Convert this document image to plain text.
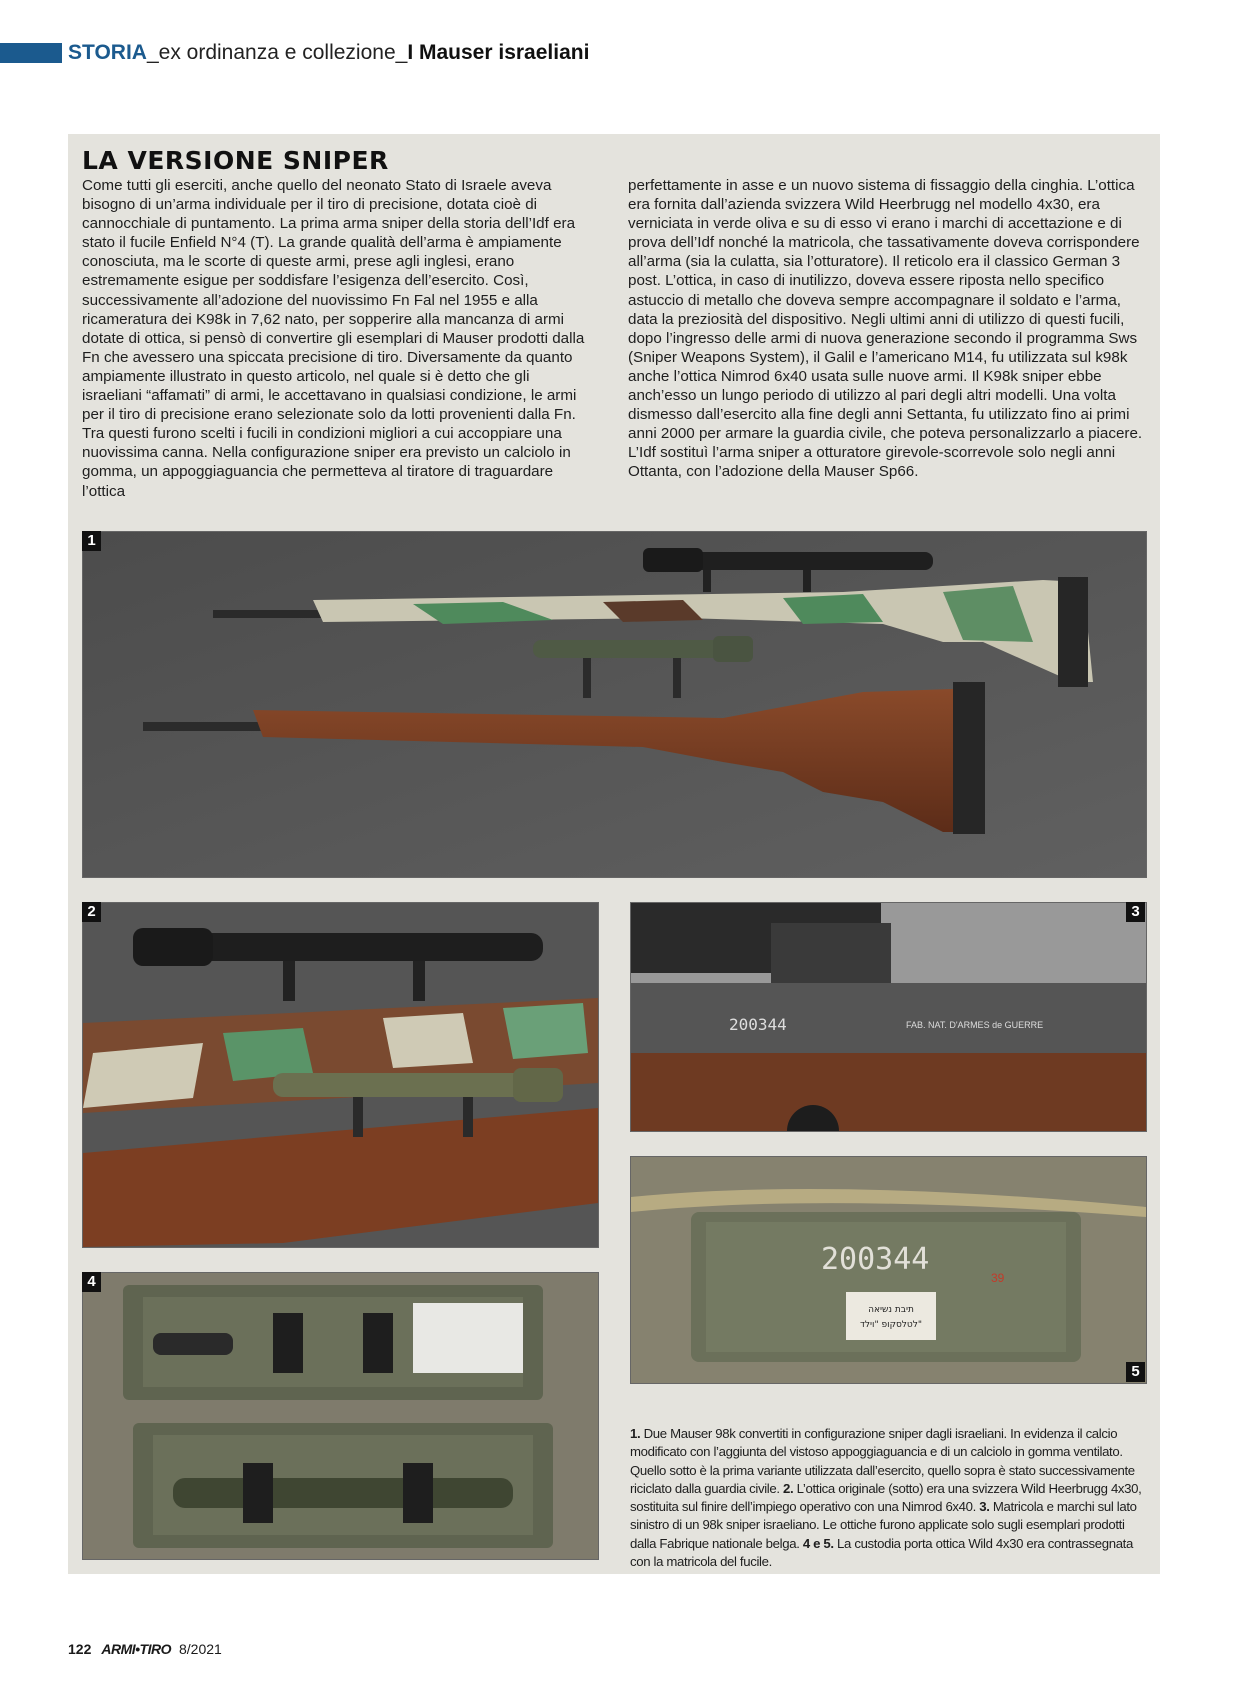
STORIA_ex ordinanza e collezione_I Mauser israeliani
LA VERSIONE SNIPER

Come tutti gli eserciti, anche quello del neonato Stato di Israele aveva bisogno di un’arma individuale per il tiro di precisione, dotata cioè di cannocchiale di puntamento. La prima arma sniper della storia dell’Idf era stato il fucile Enfield N°4 (T). La grande qualità dell’arma è ampiamente conosciuta, ma le scorte di queste armi, prese agli inglesi, erano estremamente esigue per soddisfare l’esigenza dell’esercito. Così, successivamente all’adozione del nuovissimo Fn Fal nel 1955 e alla ricameratura dei K98k in 7,62 nato, per sopperire alla mancanza di armi dotate di ottica, si pensò di convertire gli esemplari di Mauser prodotti dalla Fn che avessero una spiccata precisione di tiro. Diversamente da quanto ampiamente illustrato in questo articolo, nel quale si è detto che gli israeliani “affamati” di armi, le accettavano in qualsiasi condizione, le armi per il tiro di precisione erano selezionate solo da lotti provenienti dalla Fn. Tra questi furono scelti i fucili in condizioni migliori a cui accoppiare una nuovissima canna. Nella configurazione sniper era previsto un calciolo in gomma, un appoggiaguancia che permetteva al tiratore di traguardare l’ottica

perfettamente in asse e un nuovo sistema di fissaggio della cinghia. L’ottica era fornita dall’azienda svizzera Wild Heerbrugg nel modello 4x30, era verniciata in verde oliva e su di esso vi erano i marchi di accettazione e di prova dell’Idf nonché la matricola, che tassativamente doveva corrispondere all’arma (sia la culatta, sia l’otturatore). Il reticolo era il classico German 3 post. L’ottica, in caso di inutilizzo, doveva essere riposta nello specifico astuccio di metallo che doveva sempre accompagnare il soldato e l’arma, data la preziosità del dispositivo. Negli ultimi anni di utilizzo di questi fucili, dopo l’ingresso delle armi di nuova generazione secondo il programma Sws (Sniper Weapons System), il Galil e l’americano M14, fu utilizzata sul k98k anche l’ottica Nimrod 6x40 usata sulle nuove armi. Il K98k sniper ebbe anch’esso un lungo periodo di utilizzo al pari degli altri modelli. Una volta dismesso dall’esercito alla fine degli anni Settanta, fu utilizzato fino ai primi anni 2000 per armare la guardia civile, che poteva personalizzarlo a piacere. L’Idf sostituì l’arma sniper a otturatore girevole-scorrevole solo negli anni Ottanta, con l’adozione della Mauser Sp66.

1
2
200344	FAB. NAT. D'ARMES de GUERRE
3
4
200344
39
תיבת נשיאה
לטלסקופ "וילד"
5
1. Due Mauser 98k convertiti in configurazione sniper dagli israeliani. In evidenza il calcio modificato con l’aggiunta del vistoso appoggiaguancia e di un calciolo in gomma ventilato. Quello sotto è la prima variante utilizzata dall’esercito, quello sopra è stato successivamente riciclato dalla guardia civile. 2. L’ottica originale (sotto) era una svizzera Wild Heerbrugg 4x30, sostituita sul finire dell’impiego operativo con una Nimrod 6x40. 3. Matricola e marchi sul lato sinistro di un 98k sniper israeliano. Le ottiche furono applicate solo sugli esemplari prodotti dalla Fabrique nationale belga. 4 e 5. La custodia porta ottica Wild 4x30 era contrassegnata con la matricola del fucile.
122 ARMI•TIRO 8/2021
